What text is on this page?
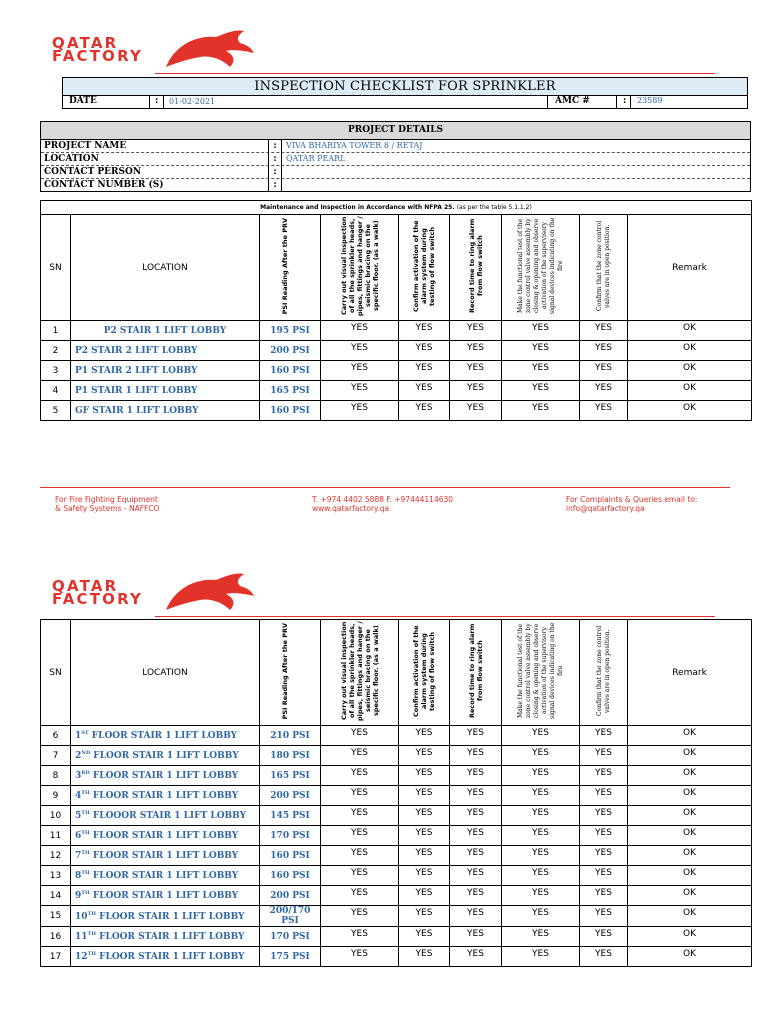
QATAR
FACTORY
INSPECTION CHECKLIST FOR SPRINKLER
DATE	: 01-02-2021	AMC #	: 23589
PROJECT DETAILS
PROJECT NAME	:	VIVA BHARIYA TOWER 8 / RETAJ
LOCATION	:	QATAR PEARL
CONTACT PERSON	:
CONTACT NUMBER (S)	:
Maintenance and Inspection in Accordance with NFPA 25. (as per the table 5.1.1.2)								
SN	LOCATION	PSI Reading After the PRV	Carry out visual inspection of all the sprinkler heads, pipes, fittings and hanger / seismic bracing on the specific floor. (as a walk)	Confirm activation of the alarm system during testing of flow switch	Record time to ring alarm from flow switch	Make the functional test of the zone control valve assembly by closing & opening and observe activation of the supervisory signal devices indicating on the fire	Confirm that the zone control valves are in open position.	Remark
1	P2 STAIR 1 LIFT LOBBY	195 PSI	YES	YES	YES	YES	YES	OK
2	P2 STAIR 2 LIFT LOBBY	200 PSI	YES	YES	YES	YES	YES	OK
3	P1 STAIR 2 LIFT LOBBY	160 PSI	YES	YES	YES	YES	YES	OK
4	P1 STAIR 1 LIFT LOBBY	165 PSI	YES	YES	YES	YES	YES	OK
5	GF STAIR 1 LIFT LOBBY	160 PSI	YES	YES	YES	YES	YES	OK
For Fire Fighting Equipment
& Safety Systems - NAFFCO
T. +974 4402 5888 F. +97444114630
www.qatarfactory.qa
For Complaints & Queries email to:
info@qatarfactory.qa
QATAR
FACTORY
SN	LOCATION	PSI Reading After the PRV	Carry out visual inspection of all the sprinkler heads, pipes, fittings and hanger / seismic bracing on the specific floor. (as a walk)	Confirm activation of the alarm system during testing of flow switch	Record time to ring alarm from flow switch	Make the functional test of the zone control valve assembly by closing & opening and observe activation of the supervisory signal devices indicating on the fire	Confirm that the zone control valves are in open position.	Remark
6	1ST FLOOR STAIR 1 LIFT LOBBY	210 PSI	YES	YES	YES	YES	YES	OK
7	2ND FLOOR STAIR 1 LIFT LOBBY	180 PSI	YES	YES	YES	YES	YES	OK
8	3RD FLOOR STAIR 1 LIFT LOBBY	165 PSI	YES	YES	YES	YES	YES	OK
9	4TH FLOOR STAIR 1 LIFT LOBBY	200 PSI	YES	YES	YES	YES	YES	OK
10	5TH FLOOOR STAIR 1 LIFT LOBBY	145 PSI	YES	YES	YES	YES	YES	OK
11	6TH FLOOR STAIR 1 LIFT LOBBY	170 PSI	YES	YES	YES	YES	YES	OK
12	7TH FLOOR STAIR 1 LIFT LOBBY	160 PSI	YES	YES	YES	YES	YES	OK
13	8TH FLOOR STAIR 1 LIFT LOBBY	160 PSI	YES	YES	YES	YES	YES	OK
14	9TH FLOOR STAIR 1 LIFT LOBBY	200 PSI	YES	YES	YES	YES	YES	OK
15	10TH FLOOR STAIR 1 LIFT LOBBY	200/170 PSI	YES	YES	YES	YES	YES	OK
16	11TH FLOOR STAIR 1 LIFT LOBBY	170 PSI	YES	YES	YES	YES	YES	OK
17	12TH FLOOR STAIR 1 LIFT LOBBY	175 PSI	YES	YES	YES	YES	YES	OK
